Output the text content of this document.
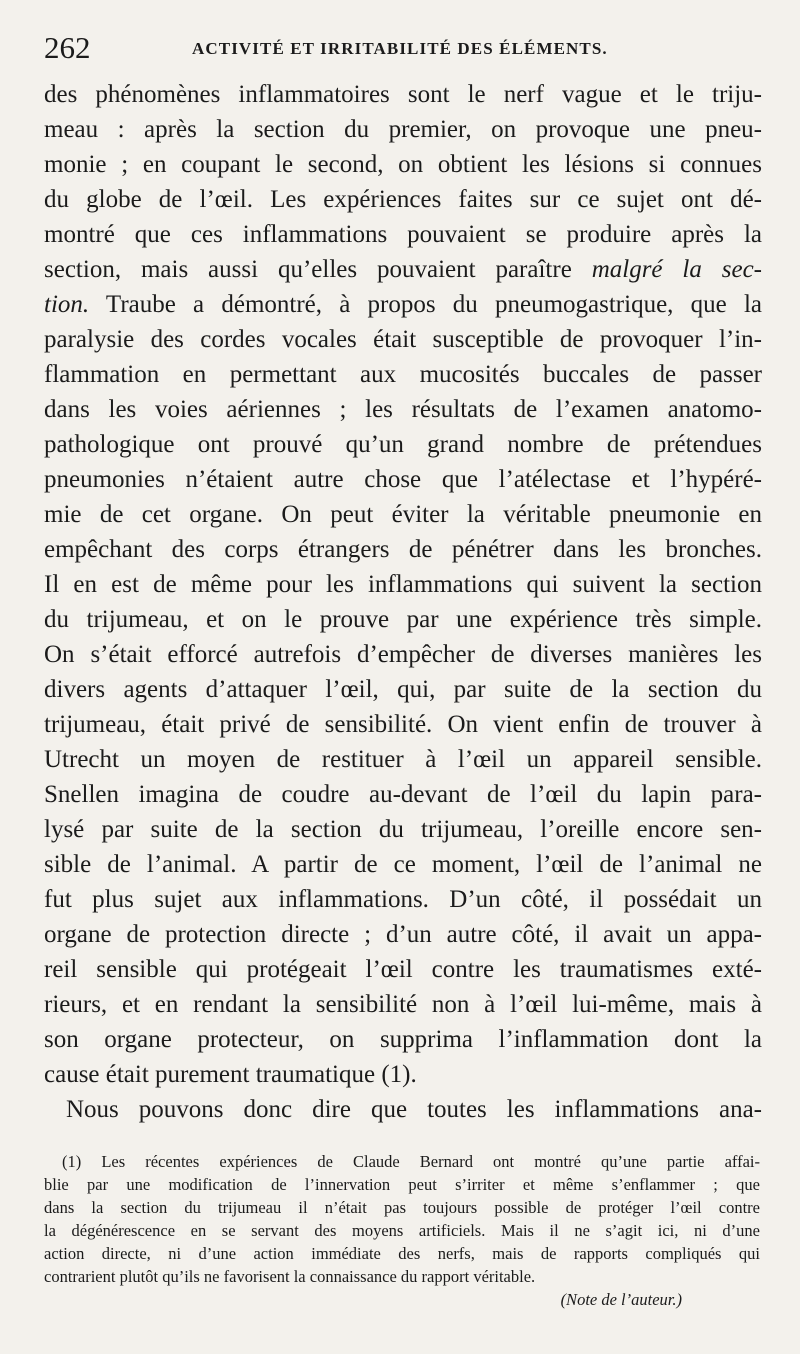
262	ACTIVITÉ ET IRRITABILITÉ DES ÉLÉMENTS.
des phénomènes inflammatoires sont le nerf vague et le triju-
meau : après la section du premier, on provoque une pneu-
monie ; en coupant le second, on obtient les lésions si connues
du globe de l’œil. Les expériences faites sur ce sujet ont dé-
montré que ces inflammations pouvaient se produire après la
section, mais aussi qu’elles pouvaient paraître malgré la sec-
tion. Traube a démontré, à propos du pneumogastrique, que la
paralysie des cordes vocales était susceptible de provoquer l’in-
flammation en permettant aux mucosités buccales de passer
dans les voies aériennes ; les résultats de l’examen anatomo-
pathologique ont prouvé qu’un grand nombre de prétendues
pneumonies n’étaient autre chose que l’atélectase et l’hypéré-
mie de cet organe. On peut éviter la véritable pneumonie en
empêchant des corps étrangers de pénétrer dans les bronches.
Il en est de même pour les inflammations qui suivent la section
du trijumeau, et on le prouve par une expérience très simple.
On s’était efforcé autrefois d’empêcher de diverses manières les
divers agents d’attaquer l’œil, qui, par suite de la section du
trijumeau, était privé de sensibilité. On vient enfin de trouver à
Utrecht un moyen de restituer à l’œil un appareil sensible.
Snellen imagina de coudre au-devant de l’œil du lapin para-
lysé par suite de la section du trijumeau, l’oreille encore sen-
sible de l’animal. A partir de ce moment, l’œil de l’animal ne
fut plus sujet aux inflammations. D’un côté, il possédait un
organe de protection directe ; d’un autre côté, il avait un appa-
reil sensible qui protégeait l’œil contre les traumatismes exté-
rieurs, et en rendant la sensibilité non à l’œil lui-même, mais à
son organe protecteur, on supprima l’inflammation dont la
cause était purement traumatique (1).
Nous pouvons donc dire que toutes les inflammations ana-
(1) Les récentes expériences de Claude Bernard ont montré qu’une partie affai-
blie par une modification de l’innervation peut s’irriter et même s’enflammer ; que
dans la section du trijumeau il n’était pas toujours possible de protéger l’œil contre
la dégénérescence en se servant des moyens artificiels. Mais il ne s’agit ici, ni d’une
action directe, ni d’une action immédiate des nerfs, mais de rapports compliqués qui
contrarient plutôt qu’ils ne favorisent la connaissance du rapport véritable.
(Note de l’auteur.)
